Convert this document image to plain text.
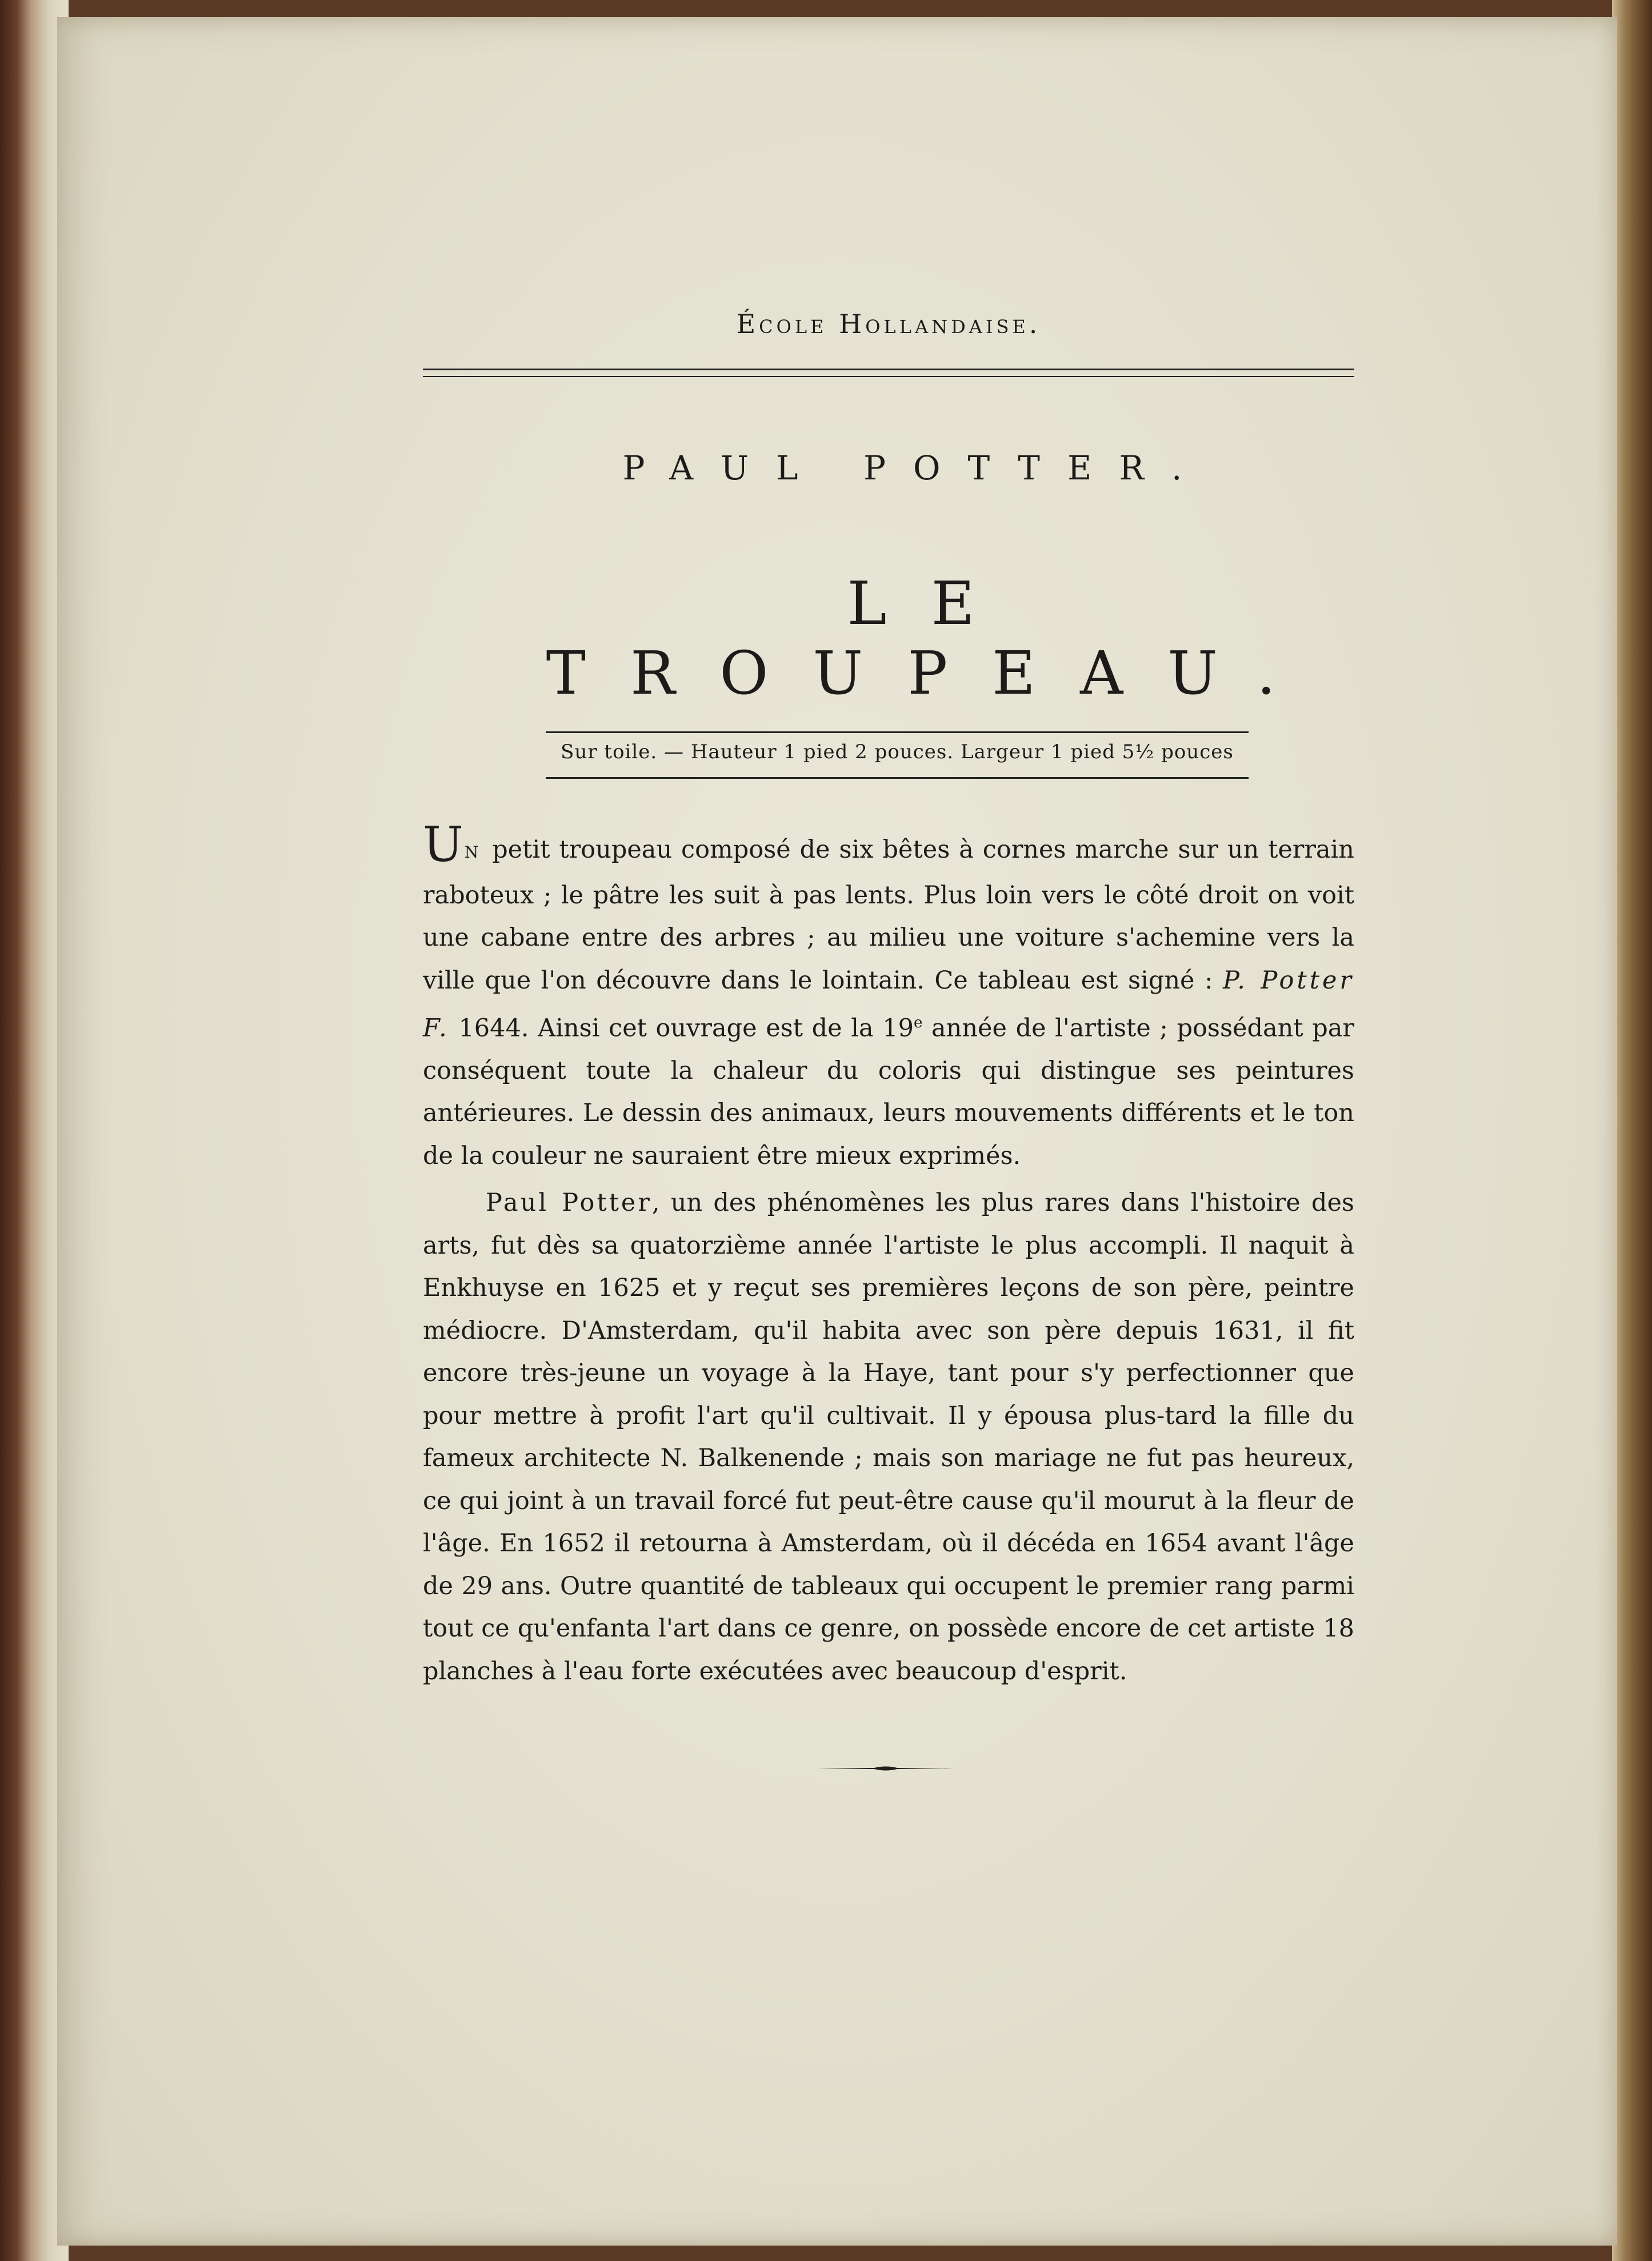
École Hollandaise.
PAUL POTTER.
LE TROUPEAU.
Sur toile. — Hauteur 1 pied 2 pouces. Largeur 1 pied 5½ pouces

UN petit troupeau composé de six bêtes à cornes marche sur un terrain raboteux ; le pâtre les suit à pas lents. Plus loin vers le côté droit on voit une cabane entre des arbres ; au milieu une voiture s'achemine vers la ville que l'on découvre dans le lointain. Ce tableau est signé : P. Potter F. 1644. Ainsi cet ouvrage est de la 19e année de l'artiste ; possédant par conséquent toute la chaleur du coloris qui distingue ses peintures antérieures. Le dessin des animaux, leurs mouvements différents et le ton de la couleur ne sauraient être mieux exprimés.

Paul Potter, un des phénomènes les plus rares dans l'histoire des arts, fut dès sa quatorzième année l'artiste le plus accompli. Il naquit à Enkhuyse en 1625 et y reçut ses premières leçons de son père, peintre médiocre. D'Amsterdam, qu'il habita avec son père depuis 1631, il fit encore très-jeune un voyage à la Haye, tant pour s'y perfectionner que pour mettre à profit l'art qu'il cultivait. Il y épousa plus-tard la fille du fameux architecte N. Balkenende ; mais son mariage ne fut pas heureux, ce qui joint à un travail forcé fut peut-être cause qu'il mourut à la fleur de l'âge. En 1652 il retourna à Amsterdam, où il décéda en 1654 avant l'âge de 29 ans. Outre quantité de tableaux qui occupent le premier rang parmi tout ce qu'enfanta l'art dans ce genre, on possède encore de cet artiste 18 planches à l'eau forte exécutées avec beaucoup d'esprit.
